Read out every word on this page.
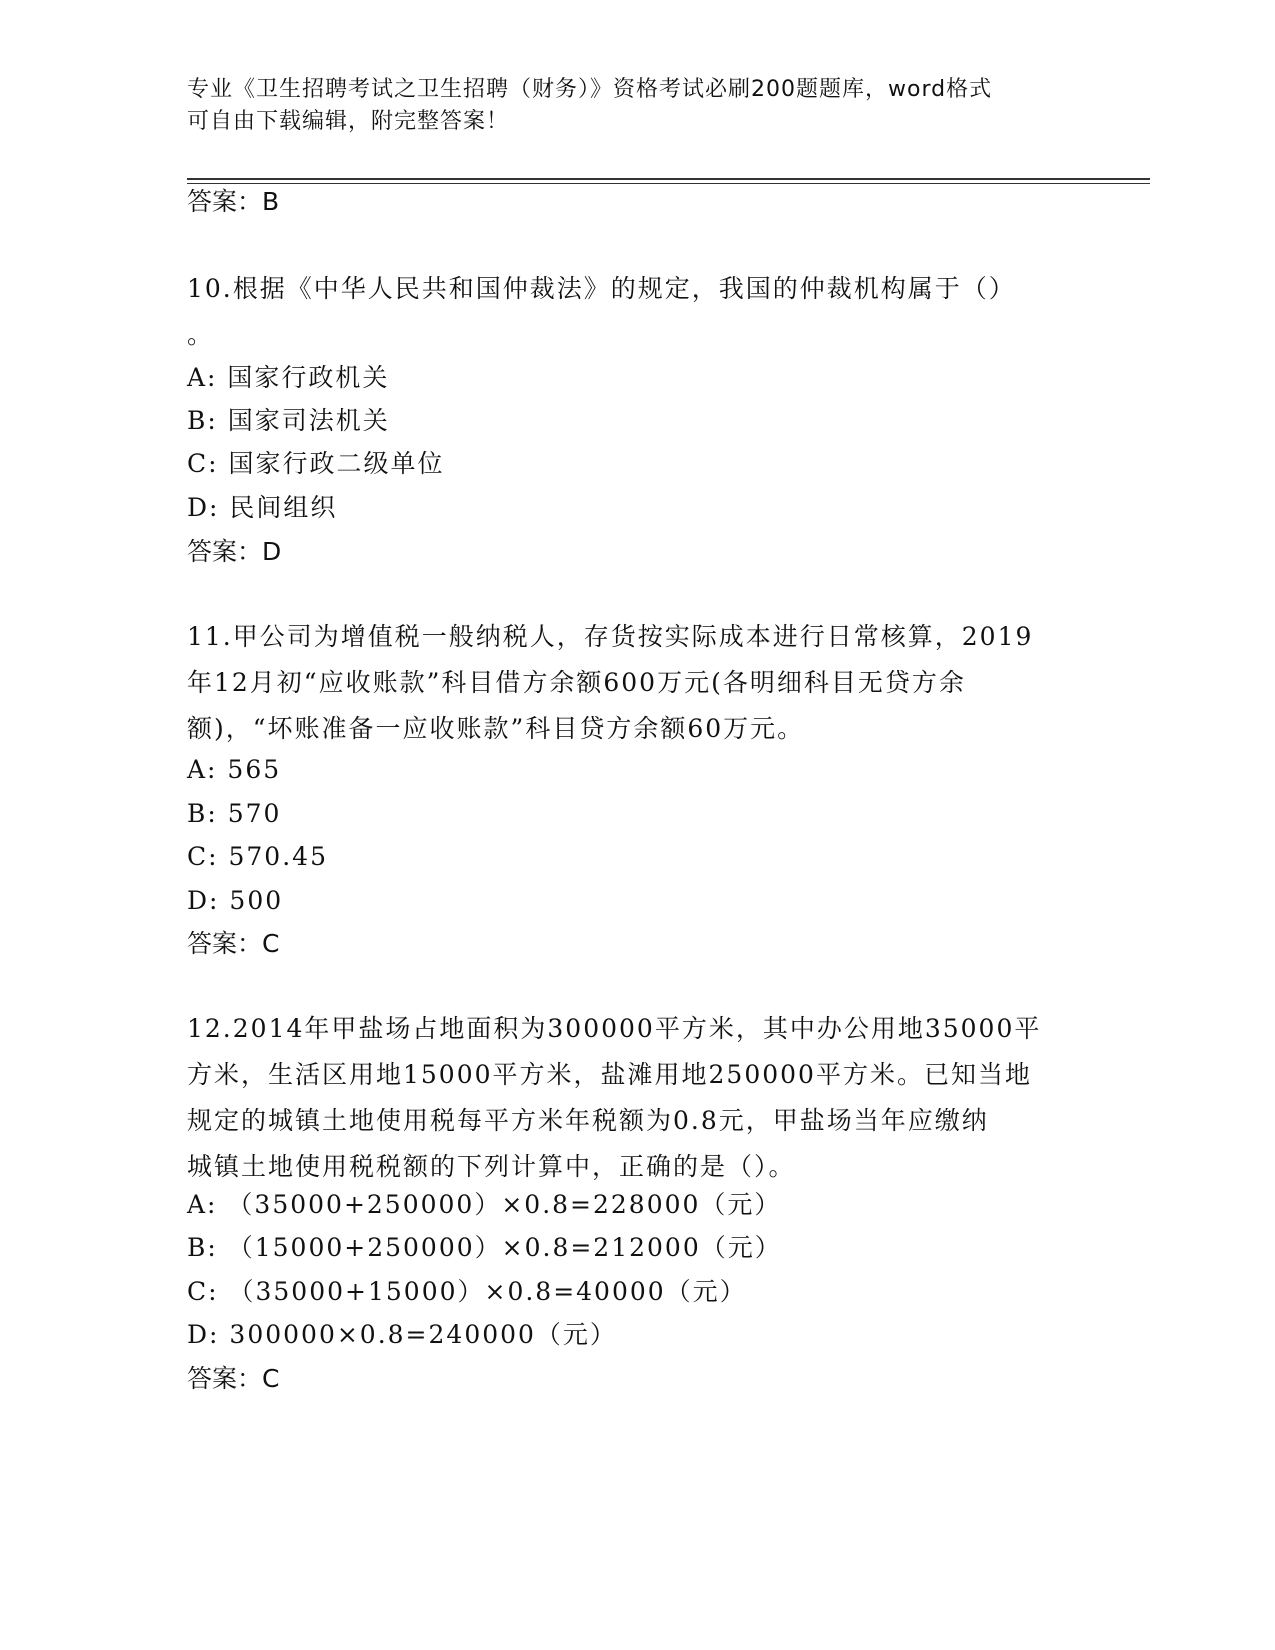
专业《卫生招聘考试之卫生招聘（财务）》资格考试必刷200题题库，word格式

可自由下载编辑，附完整答案！

答案：B

10.根据《中华人民共和国仲裁法》的规定，我国的仲裁机构属于（）

。

A: 国家行政机关
B: 国家司法机关
C: 国家行政二级单位
D: 民间组织
答案：D

11.甲公司为增值税一般纳税人，存货按实际成本进行日常核算，2019

年12月初“应收账款”科目借方余额600万元(各明细科目无贷方余

额)，“坏账准备一应收账款”科目贷方余额60万元。

A: 565
B: 570
C: 570.45
D: 500
答案：C

12.2014年甲盐场占地面积为300000平方米，其中办公用地35000平

方米，生活区用地15000平方米，盐滩用地250000平方米。已知当地

规定的城镇土地使用税每平方米年税额为0.8元，甲盐场当年应缴纳

城镇土地使用税税额的下列计算中，正确的是（）。

A: （35000+250000）×0.8=228000（元）
B: （15000+250000）×0.8=212000（元）
C: （35000+15000）×0.8=40000（元）
D: 300000×0.8=240000（元）
答案：C
